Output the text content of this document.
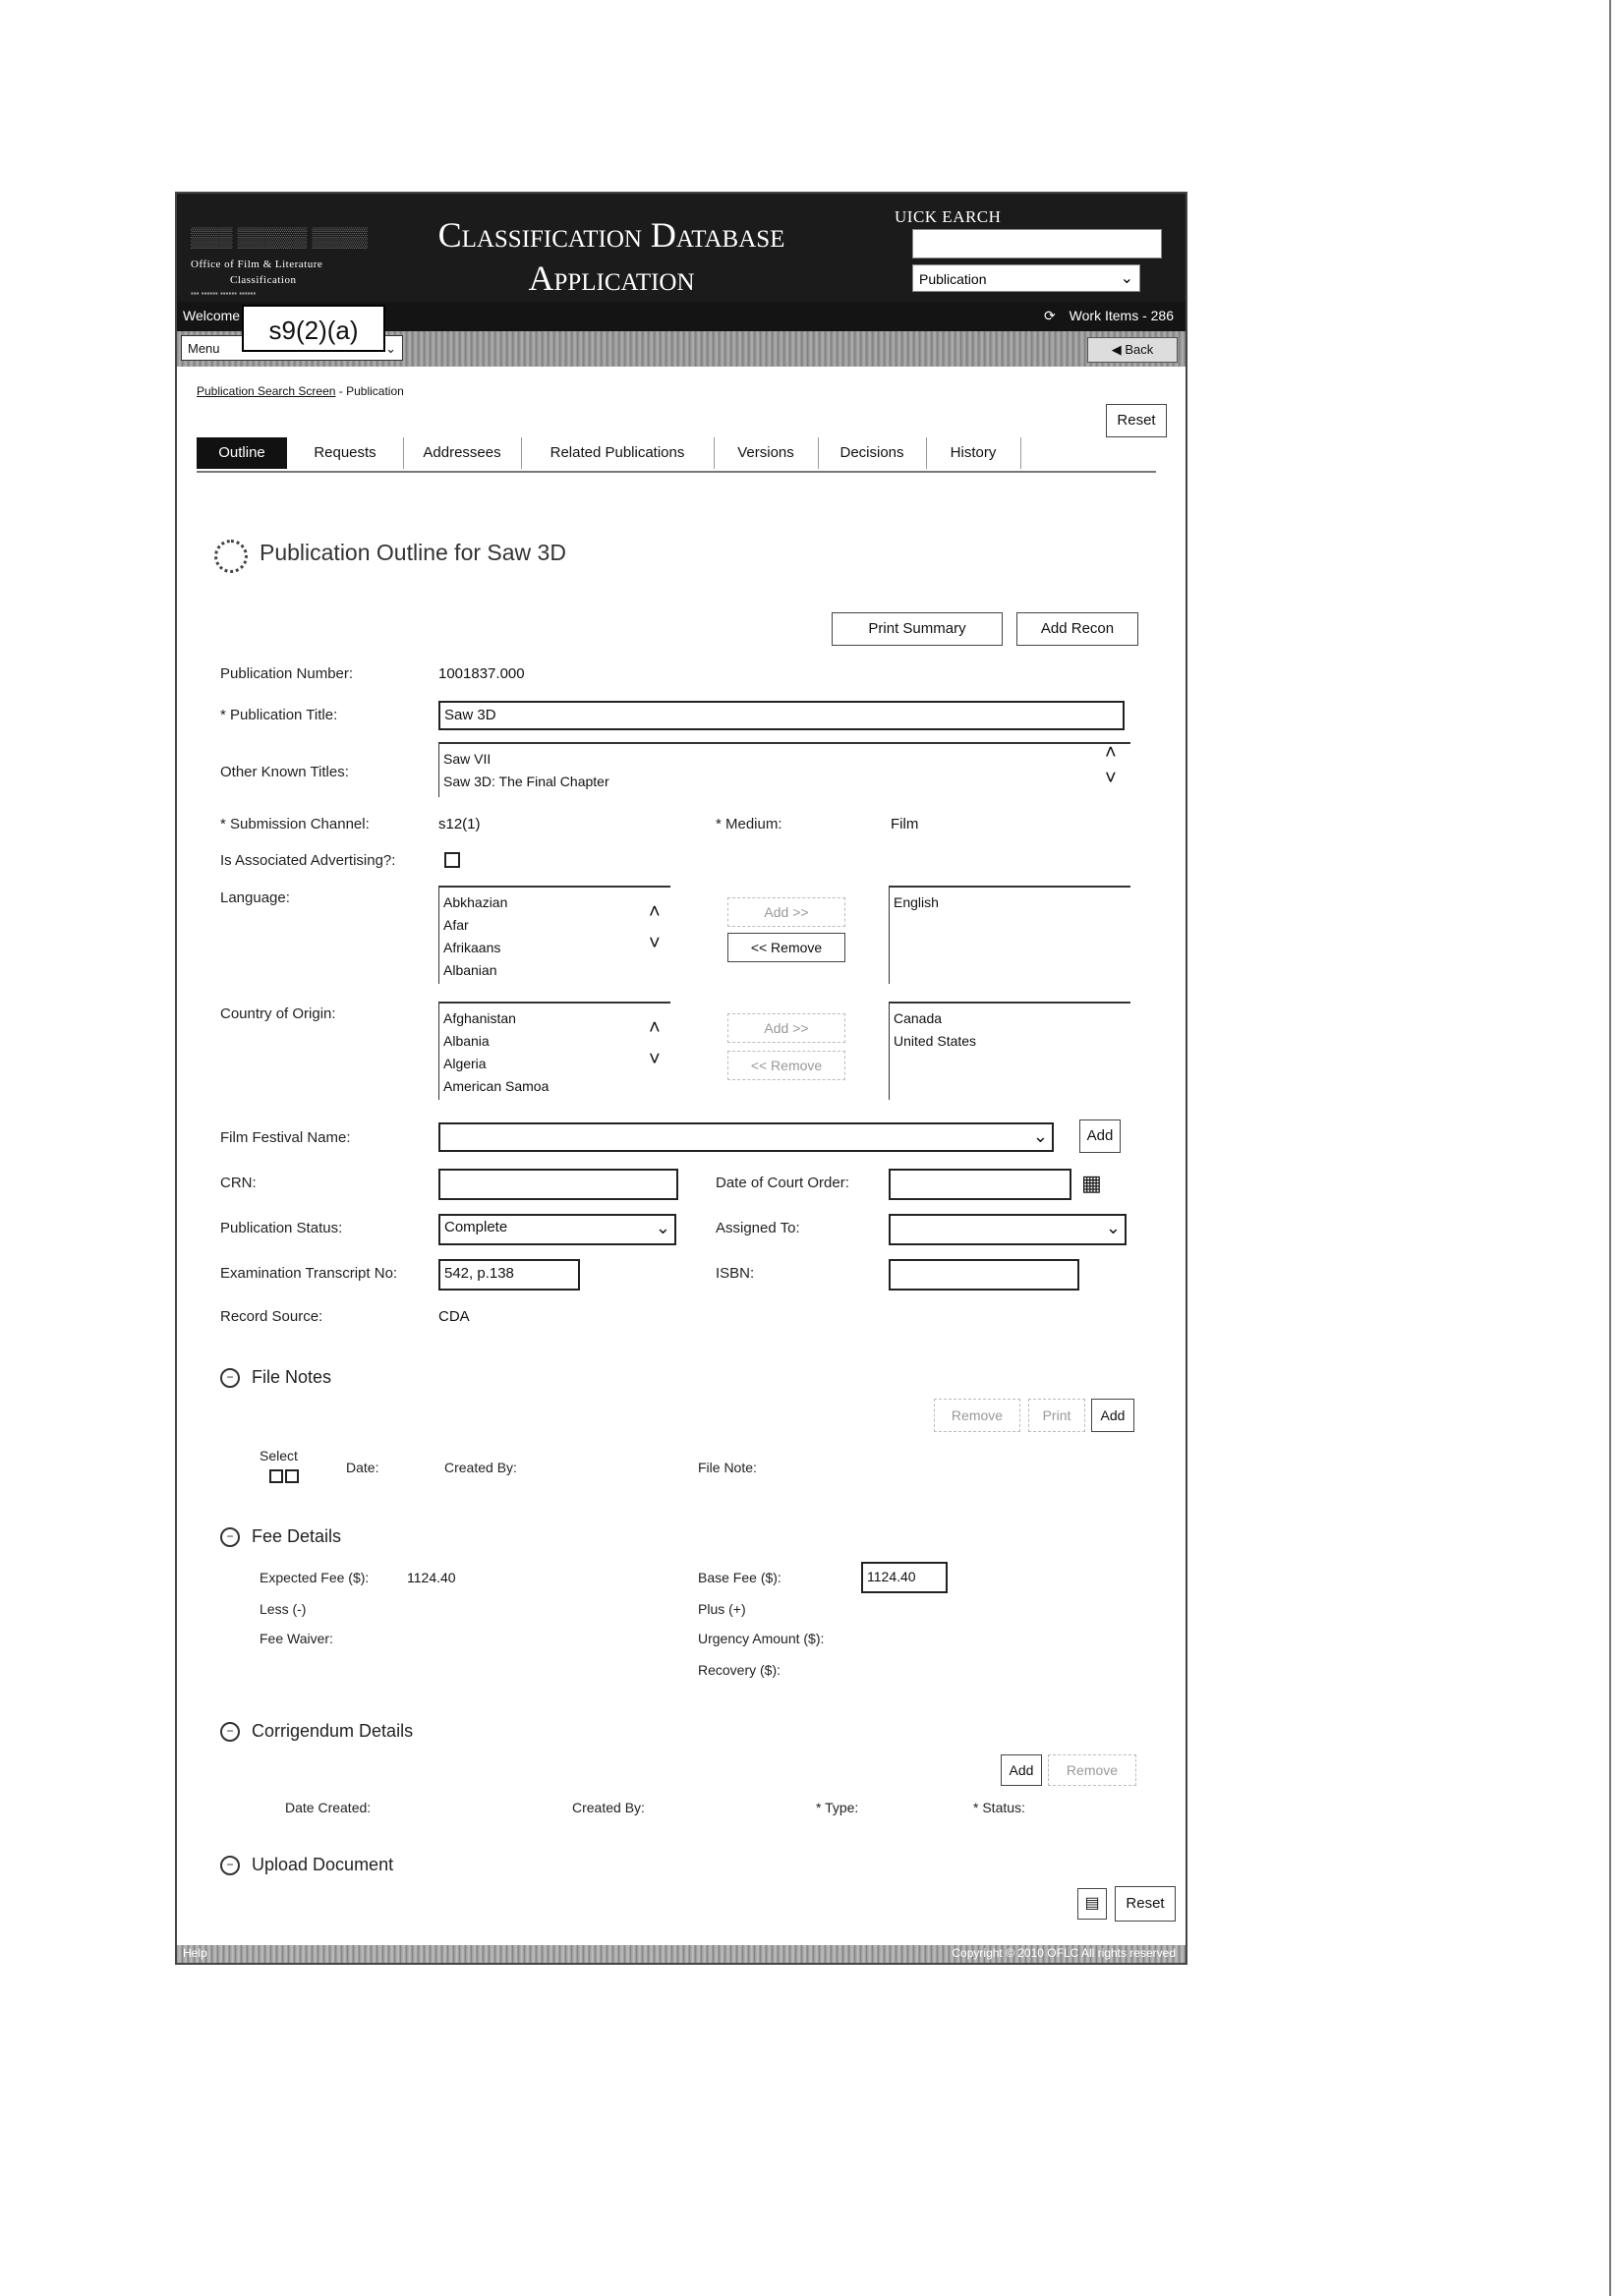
▒▒▒ ▒▒▒▒▒ ▒▒▒▒
Office of Film & Literature
Classification
▪▪▪ ▪▪▪▪▪▪ ▪▪▪▪▪▪ ▪▪▪▪▪▪
Classification Database
Application
UICK EARCH
Publication	⌄
Welcome	⟳ Work Items - 286
Menu	⌄	◀ Back
s9(2)(a)
Publication Search Screen - Publication
Reset
Outline	Requests	Addressees	Related Publications	Versions	Decisions	History
Publication Outline for Saw 3D
Print Summary	Add Recon
Publication Number:	1001837.000
* Publication Title:	Saw 3D
Other Known Titles:
Saw VII
Saw 3D: The Final Chapter
˄
˅
* Submission Channel:	s12(1)	* Medium:	Film
Is Associated Advertising?:
Language:	Abkhazian
Afar
Afrikaans
Albanian
˄
˅
Add >>
<< Remove
English
Country of Origin:	Afghanistan
Albania
Algeria
American Samoa
˄
˅
Add >>
<< Remove
Canada
United States
Film Festival Name:	⌄	Add
CRN:	Date of Court Order:	▦
Publication Status:	Complete	⌄	Assigned To:	⌄
Examination Transcript No:	542, p.138	ISBN:
Record Source:	CDA
− File Notes
Remove	Print	Add
Select
Date:	Created By:	File Note:
− Fee Details
Expected Fee ($):	1124.40	Base Fee ($):	1124.40
Less (-)	Plus (+)
Fee Waiver:	Urgency Amount ($):
Recovery ($):
− Corrigendum Details
Add	Remove
Date Created:	Created By:	* Type:	* Status:
− Upload Document
▤	Reset
Help	Copyright © 2010 OFLC All rights reserved
